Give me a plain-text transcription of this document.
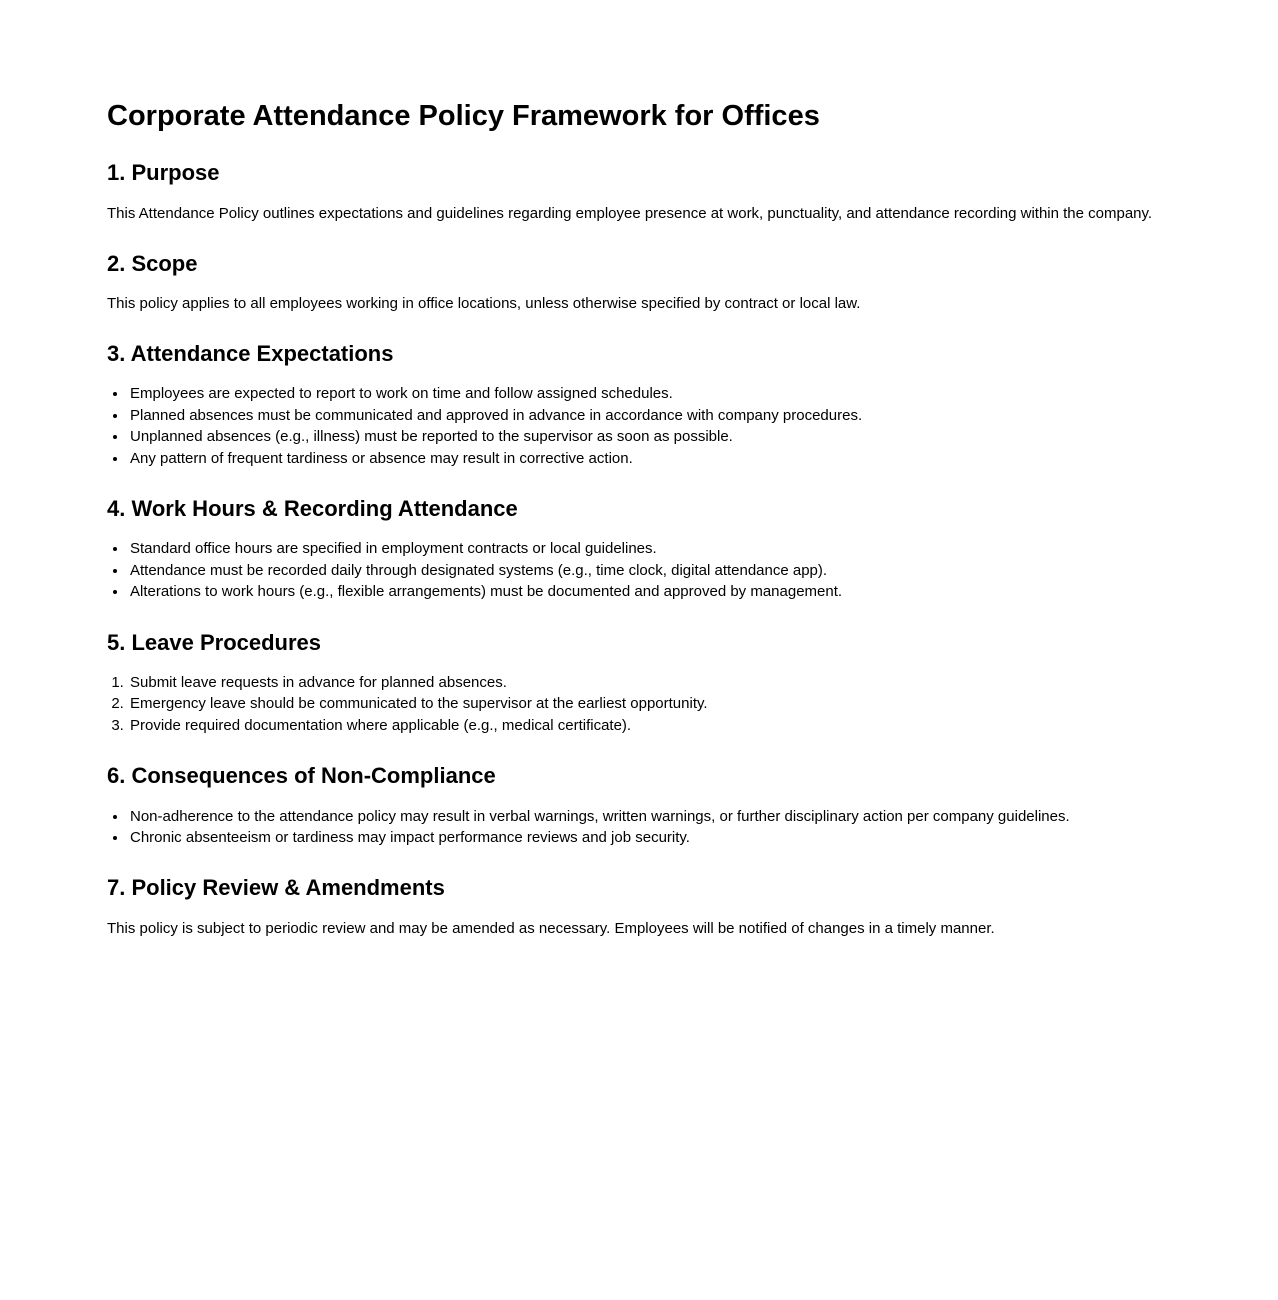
Corporate Attendance Policy Framework for Offices
1. Purpose

This Attendance Policy outlines expectations and guidelines regarding employee presence at work, punctuality, and attendance recording within the company.

2. Scope

This policy applies to all employees working in office locations, unless otherwise specified by contract or local law.

3. Attendance Expectations
• Employees are expected to report to work on time and follow assigned schedules.
• Planned absences must be communicated and approved in advance in accordance with company procedures.
• Unplanned absences (e.g., illness) must be reported to the supervisor as soon as possible.
• Any pattern of frequent tardiness or absence may result in corrective action.
4. Work Hours & Recording Attendance
• Standard office hours are specified in employment contracts or local guidelines.
• Attendance must be recorded daily through designated systems (e.g., time clock, digital attendance app).
• Alterations to work hours (e.g., flexible arrangements) must be documented and approved by management.
5. Leave Procedures
1. Submit leave requests in advance for planned absences.
2. Emergency leave should be communicated to the supervisor at the earliest opportunity.
3. Provide required documentation where applicable (e.g., medical certificate).
6. Consequences of Non-Compliance
• Non-adherence to the attendance policy may result in verbal warnings, written warnings, or further disciplinary action per company guidelines.
• Chronic absenteeism or tardiness may impact performance reviews and job security.
7. Policy Review & Amendments

This policy is subject to periodic review and may be amended as necessary. Employees will be notified of changes in a timely manner.
